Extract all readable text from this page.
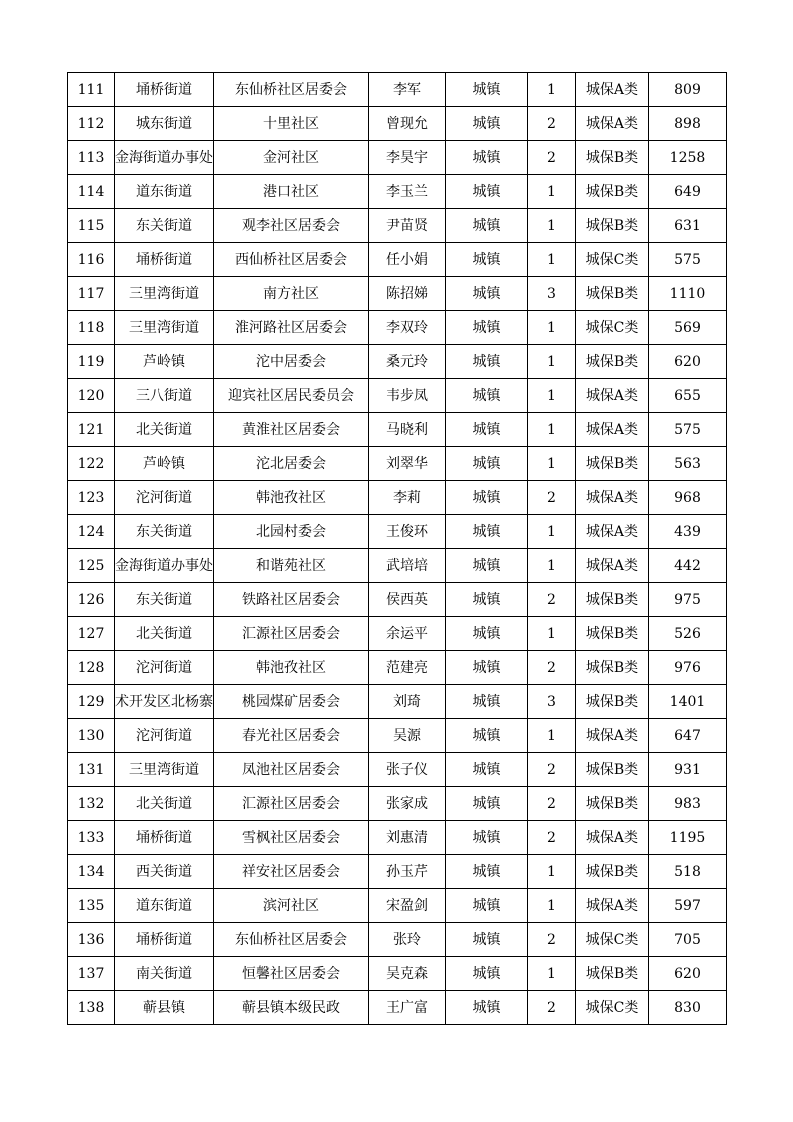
111	埇桥街道	东仙桥社区居委会	李军	城镇	1	城保A类	809
112	城东街道	十里社区	曾现允	城镇	2	城保A类	898
113	金海街道办事处	金河社区	李昊宇	城镇	2	城保B类	1258
114	道东街道	港口社区	李玉兰	城镇	1	城保B类	649
115	东关街道	观李社区居委会	尹苗贤	城镇	1	城保B类	631
116	埇桥街道	西仙桥社区居委会	任小娟	城镇	1	城保C类	575
117	三里湾街道	南方社区	陈招娣	城镇	3	城保B类	1110
118	三里湾街道	淮河路社区居委会	李双玲	城镇	1	城保C类	569
119	芦岭镇	沱中居委会	桑元玲	城镇	1	城保B类	620
120	三八街道	迎宾社区居民委员会	韦步凤	城镇	1	城保A类	655
121	北关街道	黄淮社区居委会	马晓利	城镇	1	城保A类	575
122	芦岭镇	沱北居委会	刘翠华	城镇	1	城保B类	563
123	沱河街道	韩池孜社区	李莉	城镇	2	城保A类	968
124	东关街道	北园村委会	王俊环	城镇	1	城保A类	439
125	金海街道办事处	和谐苑社区	武培培	城镇	1	城保A类	442
126	东关街道	铁路社区居委会	侯西英	城镇	2	城保B类	975
127	北关街道	汇源社区居委会	余运平	城镇	1	城保B类	526
128	沱河街道	韩池孜社区	范建亮	城镇	2	城保B类	976
129	术开发区北杨寨	桃园煤矿居委会	刘琦	城镇	3	城保B类	1401
130	沱河街道	春光社区居委会	吴源	城镇	1	城保A类	647
131	三里湾街道	凤池社区居委会	张子仪	城镇	2	城保B类	931
132	北关街道	汇源社区居委会	张家成	城镇	2	城保B类	983
133	埇桥街道	雪枫社区居委会	刘惠清	城镇	2	城保A类	1195
134	西关街道	祥安社区居委会	孙玉芹	城镇	1	城保B类	518
135	道东街道	滨河社区	宋盈剑	城镇	1	城保A类	597
136	埇桥街道	东仙桥社区居委会	张玲	城镇	2	城保C类	705
137	南关街道	恒馨社区居委会	吴克森	城镇	1	城保B类	620
138	蕲县镇	蕲县镇本级民政	王广富	城镇	2	城保C类	830
